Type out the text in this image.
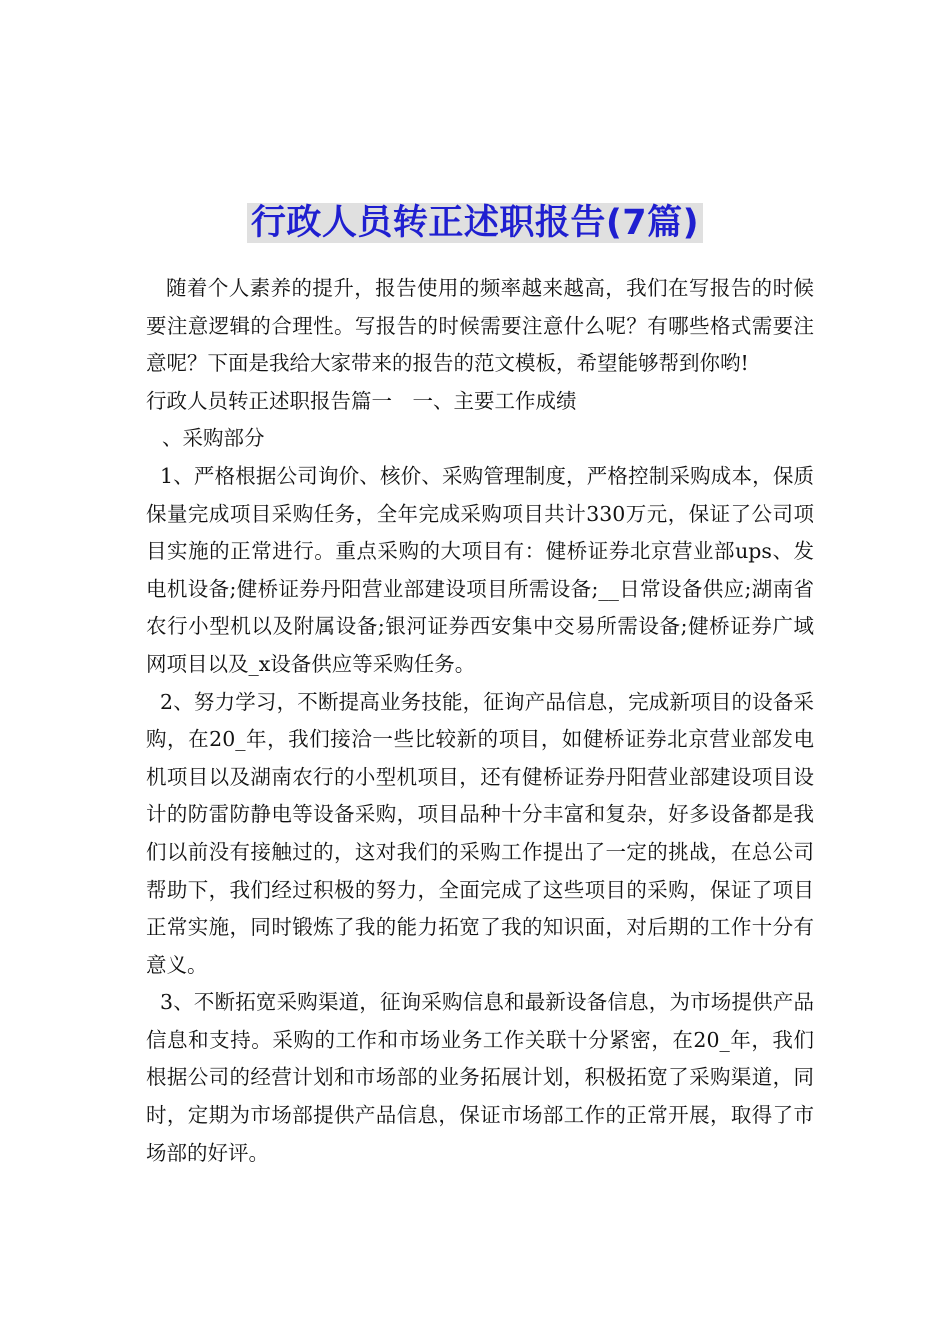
行政人员转正述职报告(7篇)

随着个人素养的提升，报告使用的频率越来越高，我们在写报告的时候要注意逻辑的合理性。写报告的时候需要注意什么呢？有哪些格式需要注意呢？下面是我给大家带来的报告的范文模板，希望能够帮到你哟!

行政人员转正述职报告篇一　一、主要工作成绩

、采购部分

1、严格根据公司询价、核价、采购管理制度，严格控制采购成本，保质保量完成项目采购任务，全年完成采购项目共计330万元，保证了公司项目实施的正常进行。重点采购的大项目有：健桥证券北京营业部ups、发电机设备;健桥证券丹阳营业部建设项目所需设备;__日常设备供应;湖南省农行小型机以及附属设备;银河证券西安集中交易所需设备;健桥证券广域网项目以及_x设备供应等采购任务。

2、努力学习，不断提高业务技能，征询产品信息，完成新项目的设备采购，在20_年，我们接洽一些比较新的项目，如健桥证券北京营业部发电机项目以及湖南农行的小型机项目，还有健桥证券丹阳营业部建设项目设计的防雷防静电等设备采购，项目品种十分丰富和复杂，好多设备都是我们以前没有接触过的，这对我们的采购工作提出了一定的挑战，在总公司帮助下，我们经过积极的努力，全面完成了这些项目的采购，保证了项目正常实施，同时锻炼了我的能力拓宽了我的知识面，对后期的工作十分有意义。

3、不断拓宽采购渠道，征询采购信息和最新设备信息，为市场提供产品信息和支持。采购的工作和市场业务工作关联十分紧密，在20_年，我们根据公司的经营计划和市场部的业务拓展计划，积极拓宽了采购渠道，同时，定期为市场部提供产品信息，保证市场部工作的正常开展，取得了市场部的好评。
